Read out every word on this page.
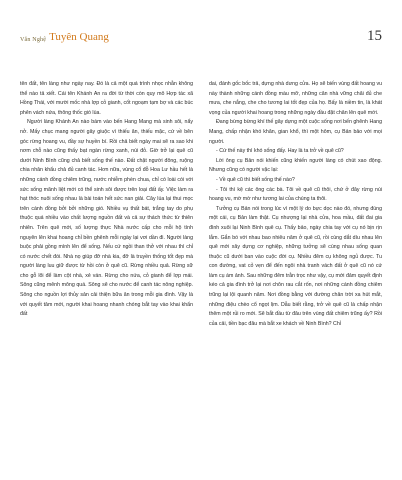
Văn Nghệ Tuyên Quang	15

tên đất, tên làng như ngày nay. Đó là cả một quá trình nhọc nhằn không thể nào tả xiết. Cái tên Khánh An ra đời từ thời còn quy mô Hợp tác xã Hồng Thái, với mười mốc nhà lợp cỏ gianh, cốt ngoạm tạm bợ và các búc phên vách nứa, thông thốc gió lùa.

Người làng Khánh An nào bám vào bến Hang Mang mà sinh sôi, nẩy nở. Mấy chục mang người gây giuộc vì thiếu ăn, thiếu mặc, cứ về bên góc rừng hoang vu, đầy sự huyền bí. Rồi chả biết ngày mai sẽ ra sao khi nơm chỗ nào cũng thấy bạt ngàn rừng xanh, núi đỏ. Giờ trở lại quê cũ dưới Ninh Bình cũng chả biết sống thế nào. Đất chật người đông, ruộng chia nhân khẩu chả đủ canh tác. Hơn nữa, vùng cổ đỗ Hoa Lư hầu hết là những cánh đồng chiêm trũng, nước nhiễm phèn chua, chỉ có loài cói với sức sống mãnh liệt mới có thể sinh sôi được trên loại đất ấy. Việc làm ra hạt thóc nuôi sống nhau là bài toán hết sức nan giải. Cây lúa lại thui mọc trên cánh đồng bởi bởi những gió. Nhiều vụ thất bát, trắng tay do phụ thuộc quá nhiều vào chất lượng nguồn đất và cả sự thách thức từ thiên nhiên. Trên quê mới, số lượng thực Nhà nước cấp cho mỗi hộ tính nguyên lên khai hoang chỉ bền ghênh mỗi ngày lại vơi dần đi. Người làng buộc phải gồng mình lên để sống. Nếu cứ ngồi than thở với nhau thì chỉ có nước chết đói. Nhà nọ giúp đỡ nhà kia, đỡ là truyền thống tốt đẹp mà người làng luu giữ được từ hồi còn ở quê cũ. Rừng nhiều quả. Rừng sữ cho gỗ lõi để làm cột nhà, xẻ ván. Rừng cho nứa, cỏ gianh để lợp mái. Sông cũng mênh mông quá. Sông sẽ cho nước để canh tác nông nghiệp. Sông cho nguồn lợi thủy sản cải thiện bữa ăn trong mỗi gia đình. Vậy là với quyết tâm mới, người khai hoang nhanh chóng bắt tay vào khai khẩn đất

dai, đánh gốc bốc trả, dựng nhà dưng cửa. Họ sẽ biến vùng đất hoang vu này thành những cánh đồng màu mỡ, những căn nhà vững chãi đủ che mưa, che nắng, che cho tương lai tốt đẹp của họ. Bấy là niềm tin, là khát vọng của người khai hoang trong những ngày đầu đặt chân lên quê mới.

Đang bừng bừng khí thế gây dựng một cuộc sống nơi bến ghênh Hang Mang, chấp nhận khó khăn, gian khổ, thì một hôm, cụ Bản bảo với mọi người.

- Cứ thế này thì khó sống đấy. Hay là ta trở về quê cũ?

Lời ông cụ Bản nói khiến cũng khiến người làng có chút xao động. Nhưng cũng có người vặc lại:

- Về quê cũ thì biết sống thế nào?

- Tôi thì kệ các ông các bà. Tôi về quê cũ thôi, chứ ở đây rừng núi hoang vu, mờ mờ như tương lai của chúng ta thôi.

Tưởng cụ Bản nói trong lúc vì một lý do bực dọc nào đó, nhưng đúng một cái, cụ Bản làm thật. Cụ nhượng lại nhà cửa, hoa mầu, đất đai gia đình xuôi lại Ninh Bình quê cụ. Thấy bảo, ngày chia tay với cụ nó bịn rịn lắm. Gắn bó với nhau bao nhiêu năm ở quê cũ, rồi cùng dắt díu nhau lên quê mới xây dựng cơ nghiệp, những tưởng sẽ cùng nhau sống quan thuộc cũ dưới ban vào cuộc đời cụ. Nhiều đêm cụ không ngủ được. Tu con đường, vat cỏ vẹn để đến ngôi nhà tranh vách đất ở quê cũ nó cứ làm cụ ám ảnh. Sau những đêm trằn trọc như vậy, cụ mới đảm quyết định kéo cả gia đình trở lại nơi chôn rau cắt rốn, nơi những cánh đồng chiêm trũng lại lội quanh năm. Nơi đồng bằng với đường chân trời xa hút mắt, những điệu chèo cổ ngọt lịm. Dẫu biết rằng, trở về quê cũ là chấp nhận thêm một rủi ro mới. Sẽ bắt đầu từ đâu trên vùng đất chiêm trũng ấy? Rồi của cải, tiền bạc đâu mà bắt xe khách về Ninh Bình? Chỉ
